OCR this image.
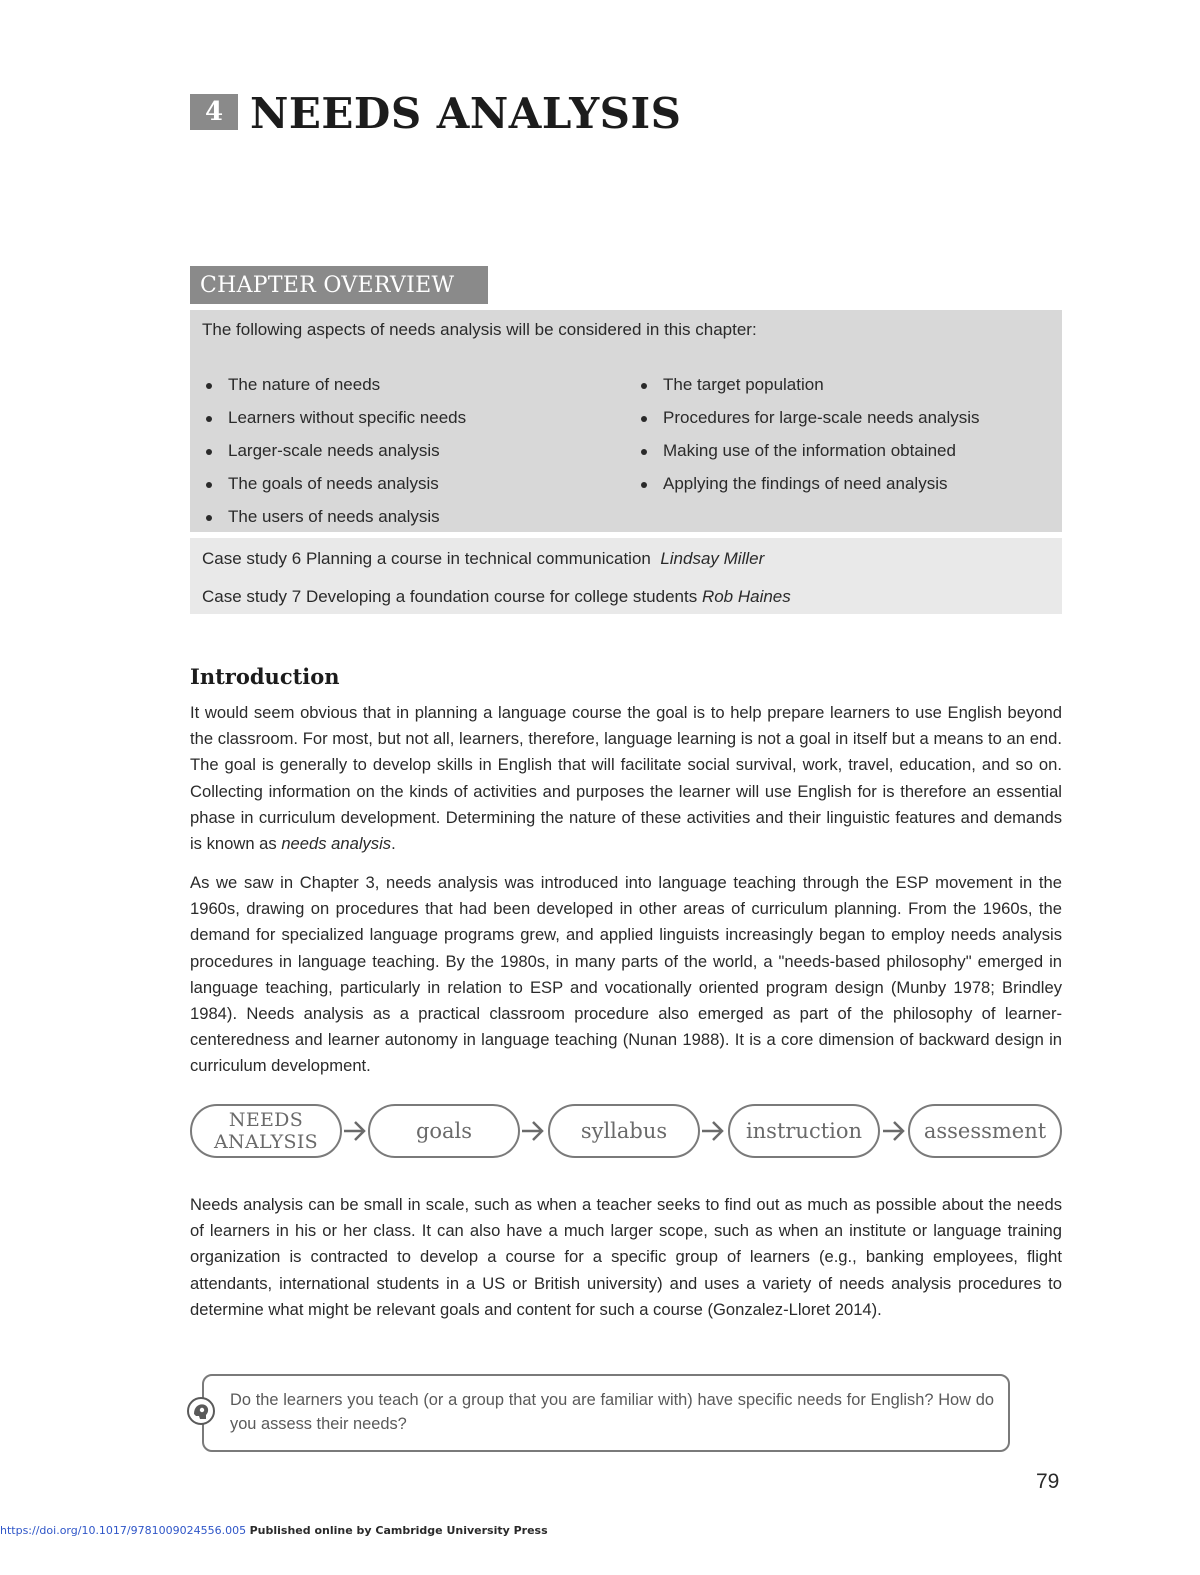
4 NEEDS ANALYSIS
CHAPTER OVERVIEW
The following aspects of needs analysis will be considered in this chapter:
The nature of needs
Learners without specific needs
Larger-scale needs analysis
The goals of needs analysis
The users of needs analysis
The target population
Procedures for large-scale needs analysis
Making use of the information obtained
Applying the findings of need analysis
Case study 6 Planning a course in technical communication Lindsay Miller
Case study 7 Developing a foundation course for college students Rob Haines
Introduction

It would seem obvious that in planning a language course the goal is to help prepare learners to use English beyond the classroom. For most, but not all, learners, therefore, language learning is not a goal in itself but a means to an end. The goal is generally to develop skills in English that will facilitate social survival, work, travel, education, and so on. Collecting information on the kinds of activities and purposes the learner will use English for is therefore an essential phase in curriculum development. Determining the nature of these activities and their linguistic features and demands is known as needs analysis.

As we saw in Chapter 3, needs analysis was introduced into language teaching through the ESP movement in the 1960s, drawing on procedures that had been developed in other areas of curriculum planning. From the 1960s, the demand for specialized language programs grew, and applied linguists increasingly began to employ needs analysis procedures in language teaching. By the 1980s, in many parts of the world, a "needs-based philosophy" emerged in language teaching, particularly in relation to ESP and vocationally oriented program design (Munby 1978; Brindley 1984). Needs analysis as a practical classroom procedure also emerged as part of the philosophy of learner-centeredness and learner autonomy in language teaching (Nunan 1988). It is a core dimension of backward design in curriculum development.

NEEDS
ANALYSIS	goals	syllabus	instruction	assessment

Needs analysis can be small in scale, such as when a teacher seeks to find out as much as possible about the needs of learners in his or her class. It can also have a much larger scope, such as when an institute or language training organization is contracted to develop a course for a specific group of learners (e.g., banking employees, flight attendants, international students in a US or British university) and uses a variety of needs analysis procedures to determine what might be relevant goals and content for such a course (Gonzalez-Lloret 2014).

Do the learners you teach (or a group that you are familiar with) have specific needs for English? How do you assess their needs?

79
https://doi.org/10.1017/9781009024556.005 Published online by Cambridge University Press
